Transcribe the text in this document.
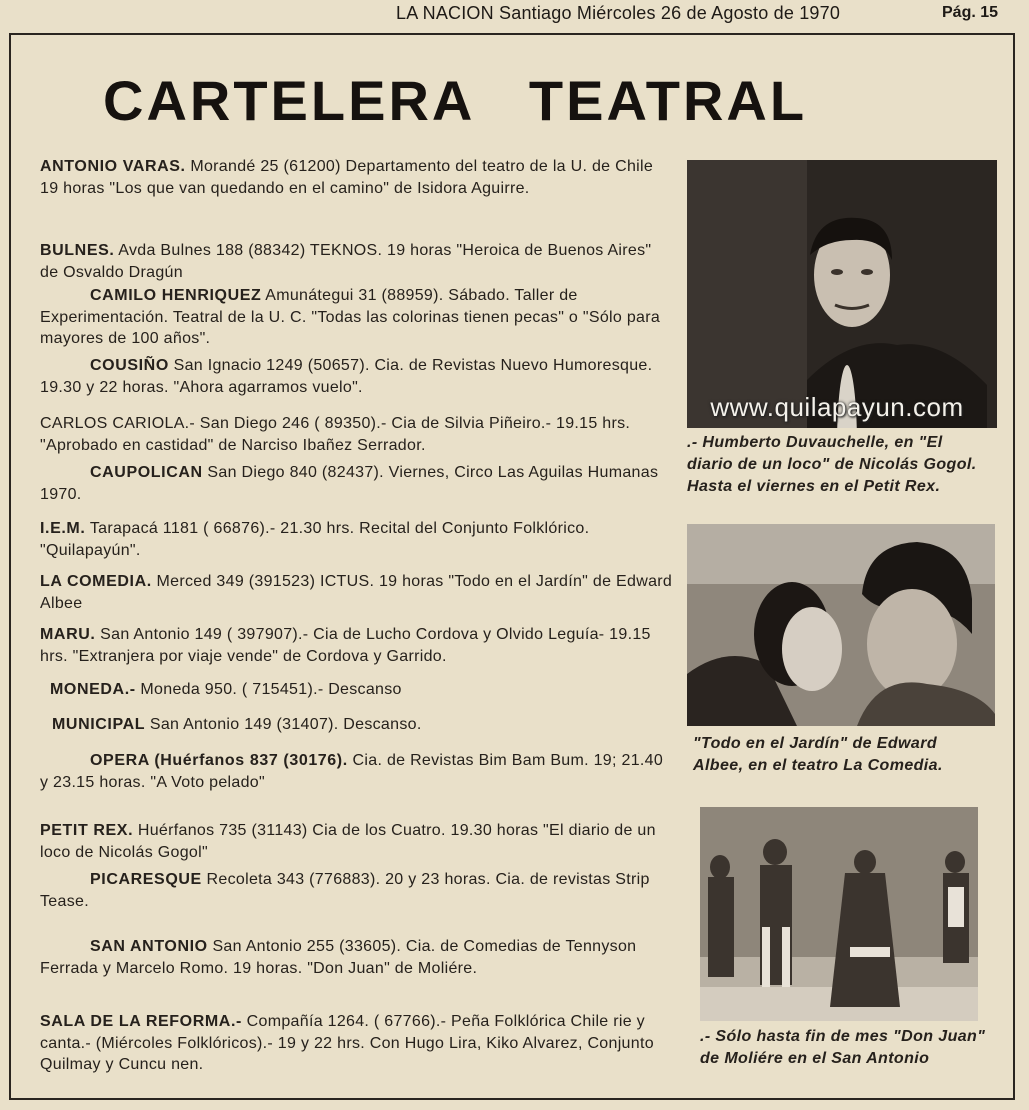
LA NACION Santiago Miércoles 26 de Agosto de 1970	Pág. 15
CARTELERA   TEATRAL

ANTONIO VARAS. Morandé 25 (61200) Departamento del teatro de la U. de Chile 19 horas "Los que van quedando en el camino" de Isidora Aguirre.

BULNES. Avda Bulnes 188 (88342) TEKNOS. 19 horas "Heroica de Buenos Aires" de Osvaldo Dragún

CAMILO HENRIQUEZ Amunátegui 31 (88959). Sábado. Taller de Experimentación. Teatral de la U. C. "Todas las colorinas tienen pecas" o "Sólo para mayores de 100 años".

COUSIÑO San Ignacio 1249 (50657). Cia. de Revistas Nuevo Humoresque. 19.30 y 22 horas. "Ahora agarramos vuelo".

CARLOS CARIOLA.- San Diego 246 ( 89350).- Cia de Silvia Piñeiro.- 19.15 hrs. "Aprobado en castidad" de Narciso Ibañez Serrador.

CAUPOLICAN San Diego 840 (82437). Viernes, Circo Las Aguilas Humanas 1970.

I.E.M. Tarapacá 1181 ( 66876).- 21.30 hrs. Recital del Conjunto Folklórico. "Quilapayún".

LA COMEDIA. Merced 349 (391523) ICTUS. 19 horas "Todo en el Jardín" de Edward Albee

MARU. San Antonio 149 ( 397907).- Cia de Lucho Cordova y Olvido Leguía- 19.15 hrs. "Extranjera por viaje vende" de Cordova y Garrido.

MONEDA.- Moneda 950. ( 715451).- Descanso

MUNICIPAL San Antonio 149 (31407). Descanso.

OPERA (Huérfanos 837 (30176). Cia. de Revistas Bim Bam Bum. 19; 21.40 y 23.15 horas. "A Voto pelado"

PETIT REX. Huérfanos 735 (31143) Cia de los Cuatro. 19.30 horas "El diario de un loco de Nicolás Gogol"

PICARESQUE Recoleta 343 (776883). 20 y 23 horas. Cia. de revistas Strip Tease.

SAN ANTONIO San Antonio 255 (33605). Cia. de Comedias de Tennyson Ferrada y Marcelo Romo. 19 horas. "Don Juan" de Moliére.

SALA DE LA REFORMA.- Compañía 1264. ( 67766).- Peña Folklórica Chile rie y canta.- (Miércoles Folklóricos).- 19 y 22 hrs. Con Hugo Lira, Kiko Alvarez, Conjunto Quilmay y Cuncu nen.

www.quilapayun.com
.- Humberto Duvauchelle, en "El diario de un loco" de Nicolás Gogol. Hasta el viernes en el Petit Rex.
"Todo en el Jardín" de Edward Albee, en el teatro La Comedia.
.- Sólo hasta fin de mes "Don Juan" de Moliére en el San Antonio
